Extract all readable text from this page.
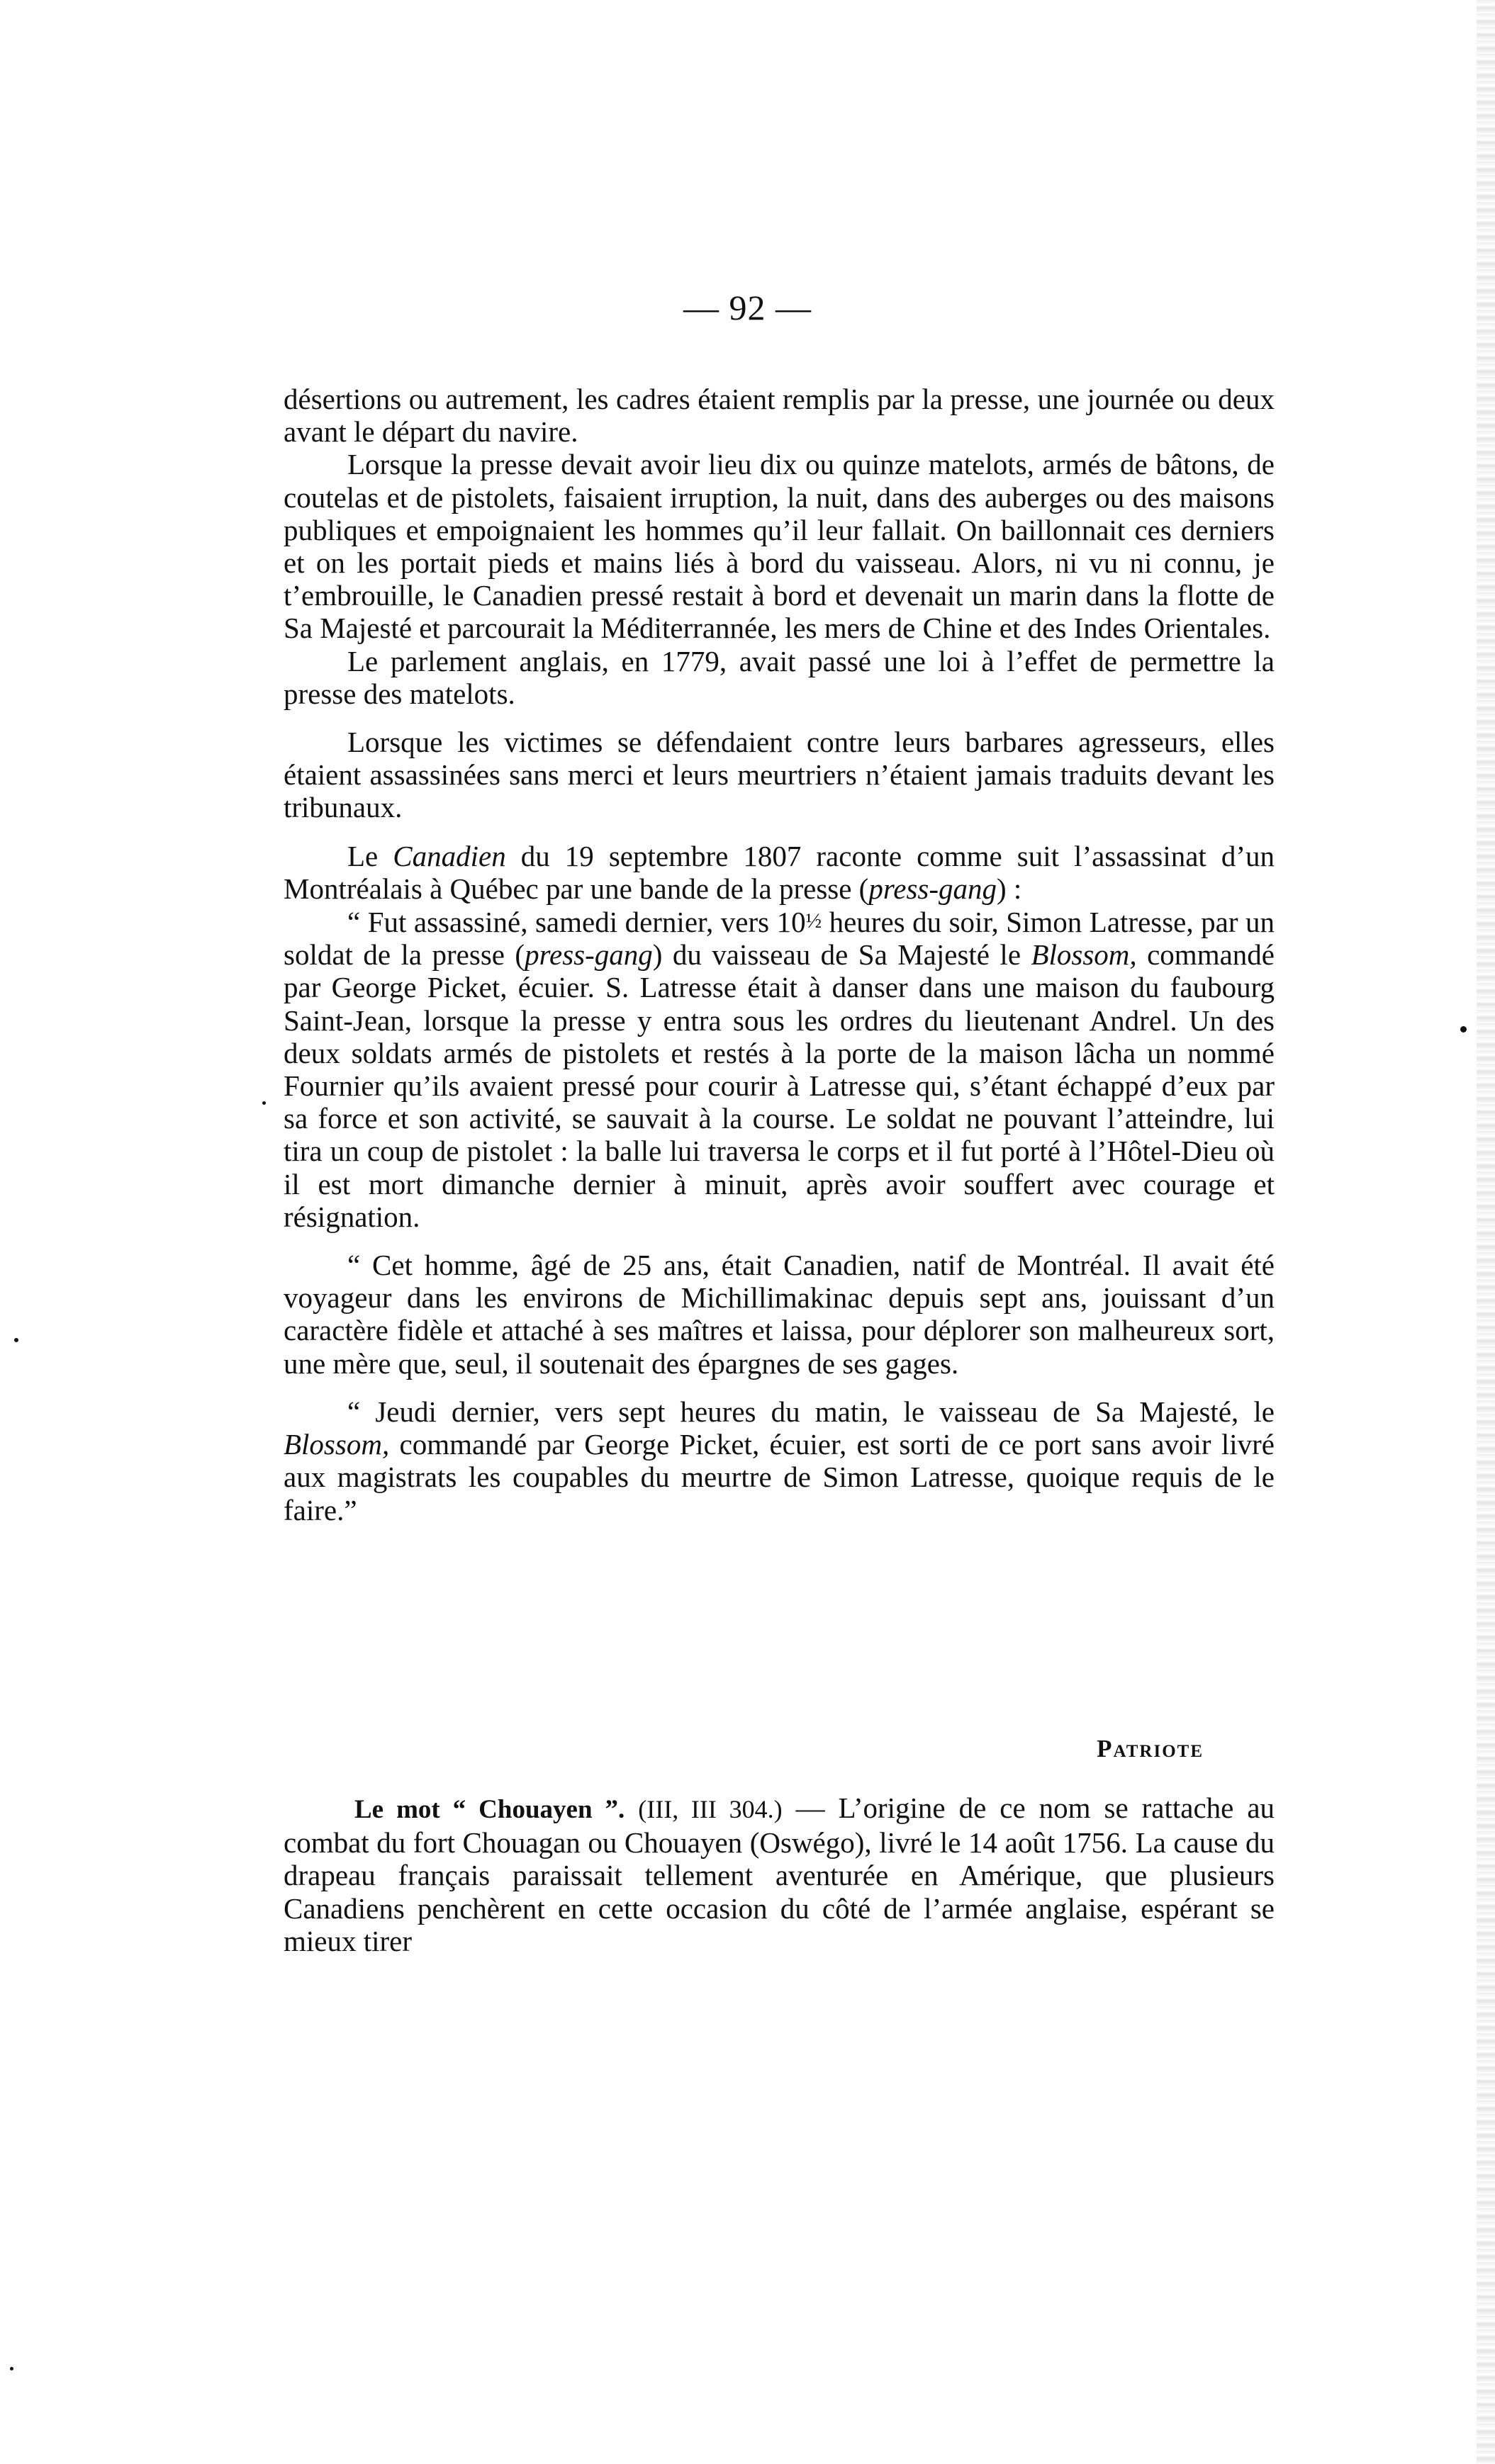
— 92 —

désertions ou autrement, les cadres étaient remplis par la presse, une journée ou deux avant le départ du navire.

Lorsque la presse devait avoir lieu dix ou quinze matelots, armés de bâtons, de coutelas et de pistolets, faisaient irruption, la nuit, dans des auberges ou des maisons publiques et empoignaient les hommes qu’il leur fallait. On baillonnait ces derniers et on les portait pieds et mains liés à bord du vaisseau. Alors, ni vu ni connu, je t’embrouille, le Canadien pressé restait à bord et devenait un marin dans la flotte de Sa Majesté et parcourait la Méditerrannée, les mers de Chine et des Indes Orientales.

Le parlement anglais, en 1779, avait passé une loi à l’effet de permettre la presse des matelots.

Lorsque les victimes se défendaient contre leurs barbares agresseurs, elles étaient assassinées sans merci et leurs meurtriers n’étaient jamais traduits devant les tribunaux.

Le Canadien du 19 septembre 1807 raconte comme suit l’assassinat d’un Montréalais à Québec par une bande de la presse (press-gang) :

“ Fut assassiné, samedi dernier, vers 10½ heures du soir, Simon Latresse, par un soldat de la presse (press-gang) du vaisseau de Sa Majesté le Blossom, commandé par George Picket, écuier. S. Latresse était à danser dans une maison du faubourg Saint-Jean, lorsque la presse y entra sous les ordres du lieutenant Andrel. Un des deux soldats armés de pistolets et restés à la porte de la maison lâcha un nommé Fournier qu’ils avaient pressé pour courir à Latresse qui, s’étant échappé d’eux par sa force et son activité, se sauvait à la course. Le soldat ne pouvant l’atteindre, lui tira un coup de pistolet : la balle lui traversa le corps et il fut porté à l’Hôtel-Dieu où il est mort dimanche dernier à minuit, après avoir souffert avec courage et résignation.

“ Cet homme, âgé de 25 ans, était Canadien, natif de Montréal. Il avait été voyageur dans les environs de Michillimakinac depuis sept ans, jouissant d’un caractère fidèle et attaché à ses maîtres et laissa, pour déplorer son malheureux sort, une mère que, seul, il soutenait des épargnes de ses gages.

“ Jeudi dernier, vers sept heures du matin, le vaisseau de Sa Majesté, le Blossom, commandé par George Picket, écuier, est sorti de ce port sans avoir livré aux magistrats les coupables du meurtre de Simon Latresse, quoique requis de le faire.”

Patriote

Le mot “ Chouayen ”. (III, III 304.) — L’origine de ce nom se rattache au combat du fort Chouagan ou Chouayen (Oswégo), livré le 14 août 1756. La cause du drapeau français paraissait tellement aventurée en Amérique, que plusieurs Canadiens penchèrent en cette occasion du côté de l’armée anglaise, espérant se mieux tirer
